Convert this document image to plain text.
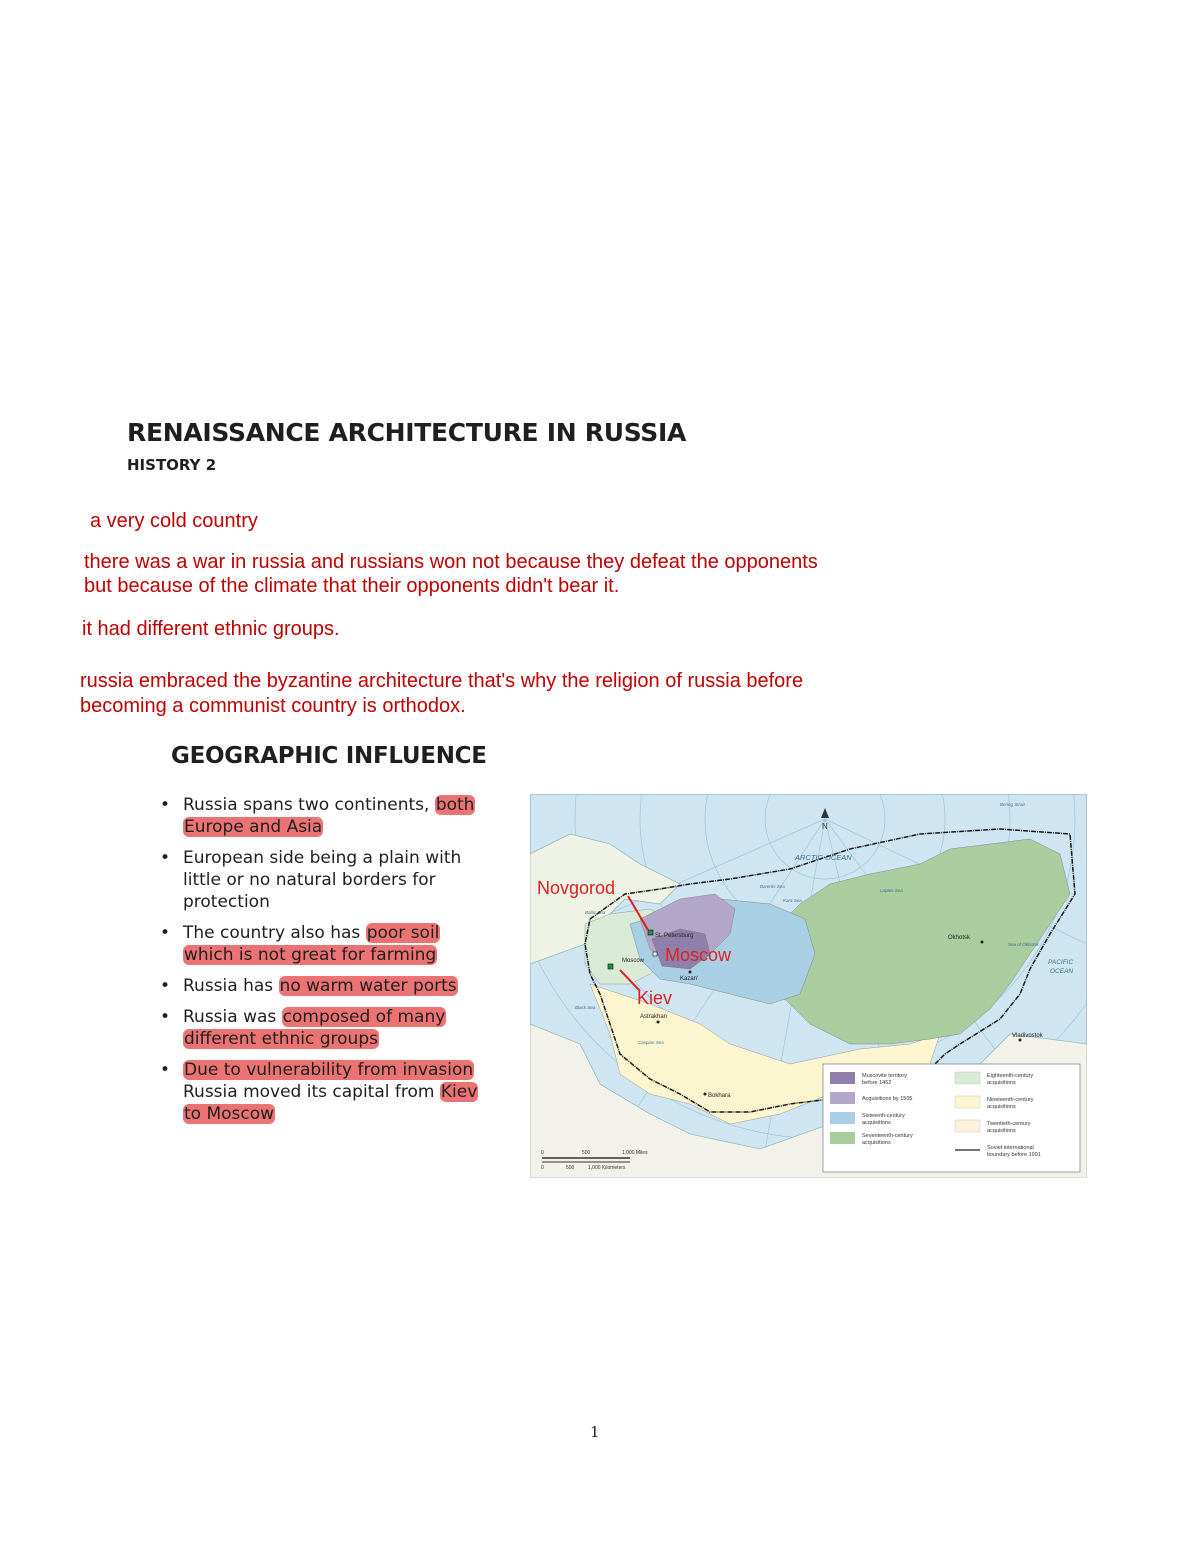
RENAISSANCE ARCHITECTURE IN RUSSIA
HISTORY 2
a very cold country
there was a war in russia and russians won not because they defeat the opponents
but because of the climate that their opponents didn't bear it.
it had different ethnic groups.
russia embraced the byzantine architecture that's why the religion of russia before
becoming a communist country is orthodox.
GEOGRAPHIC INFLUENCE
• Russia spans two continents, both Europe and Asia
• European side being a plain with little or no natural borders for protection
• The country also has poor soil which is not great for farming
• Russia has no warm water ports
• Russia was composed of many different ethnic groups
• Due to vulnerability from invasion Russia moved its capital from Kiev to Moscow
N
ARCTIC OCEAN
PACIFIC
OCEAN
Bering Strait
Barents Sea
Laptev Sea
Kara Sea
Sea of Okhotsk
Baltic Sea
Black Sea
Caspian Sea
St. Petersburg
Moscow
Kazan'
Astrakhan
Bokhara
Okhotsk
Vladivostok
Novgorod
Moscow
Kiev
0	500	1,000 Miles
0	500	1,000 Kilometers
Muscovite territory
before 1462
Acquisitions by 1505
Sixteenth-century
acquisitions
Seventeenth-century
acquisitions
Eighteenth-century
acquisitions
Nineteenth-century
acquisitions
Twentieth-century
acquisitions
Soviet international
boundary before 1991
1
